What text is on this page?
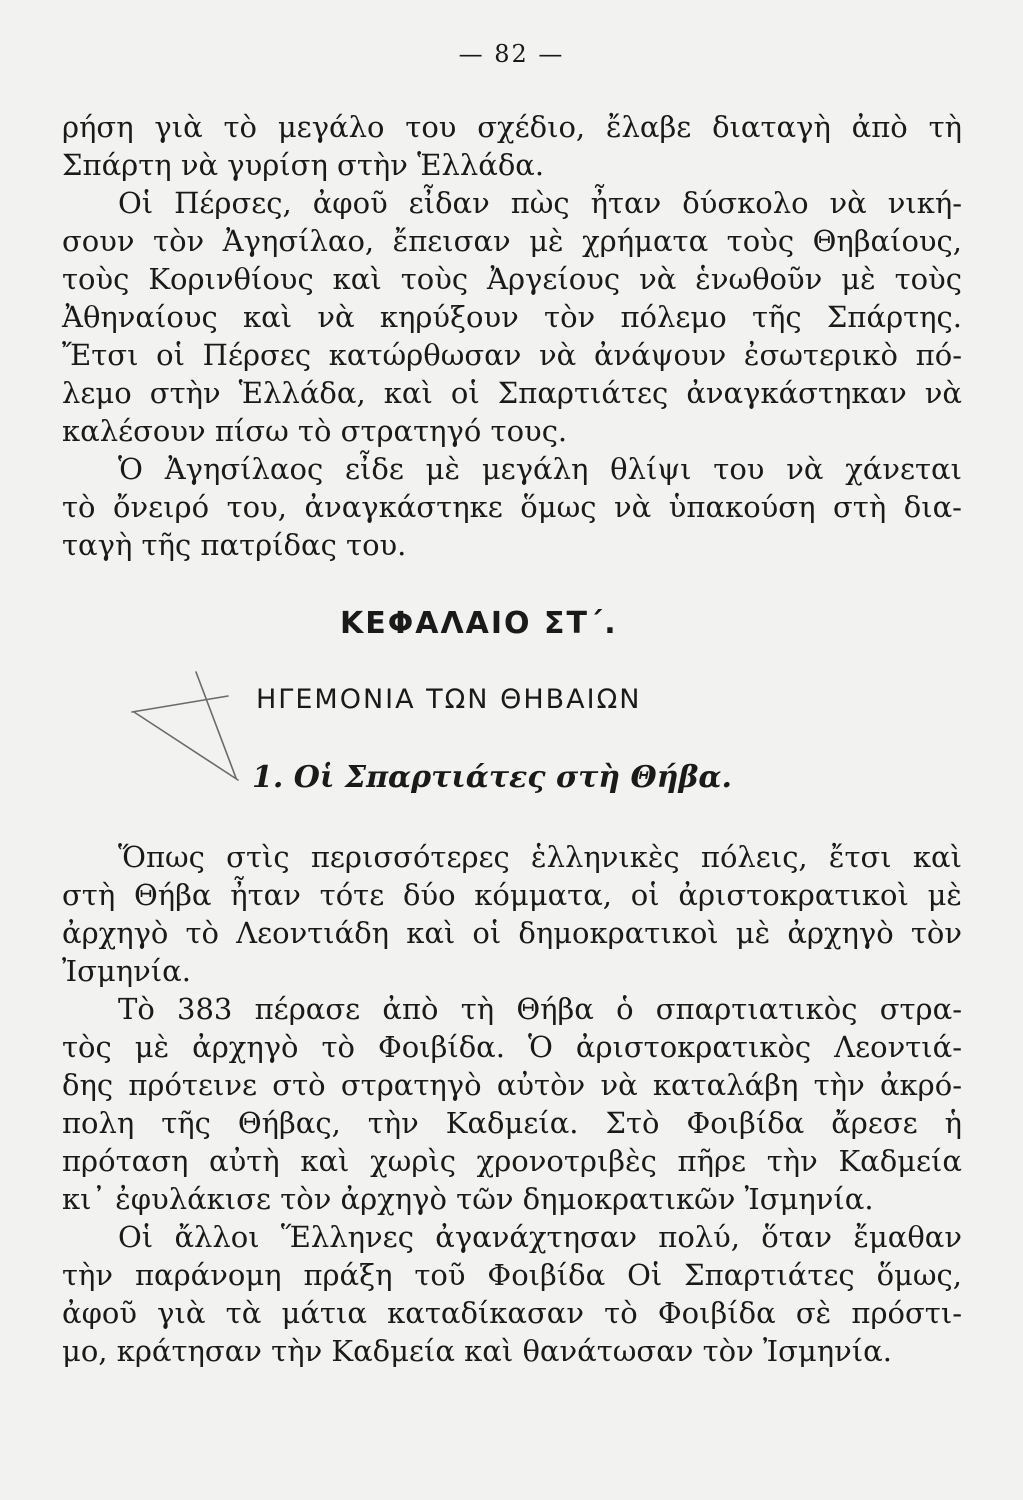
— 82 —
ρήση γιὰ τὸ μεγάλο του σχέδιο, ἔλαβε διαταγὴ ἀπὸ τὴ
Σπάρτη νὰ γυρίση στὴν Ἑλλάδα.
Οἱ Πέρσες, ἀφοῦ εἶδαν πὼς ἦταν δύσκολο νὰ νική-
σουν τὸν Ἀγησίλαο, ἔπεισαν μὲ χρήματα τοὺς Θηβαίους,
τοὺς Κορινθίους καὶ τοὺς Ἀργείους νὰ ἑνωθοῦν μὲ τοὺς
Ἀθηναίους καὶ νὰ κηρύξουν τὸν πόλεμο τῆς Σπάρτης.
Ἔτσι οἱ Πέρσες κατώρθωσαν νὰ ἀνάψουν ἐσωτερικὸ πό-
λεμο στὴν Ἑλλάδα, καὶ οἱ Σπαρτιάτες ἀναγκάστηκαν νὰ
καλέσουν πίσω τὸ στρατηγό τους.
Ὁ Ἀγησίλαος εἶδε μὲ μεγάλη θλίψι του νὰ χάνεται
τὸ ὄνειρό του, ἀναγκάστηκε ὅμως νὰ ὑπακούση στὴ δια-
ταγὴ τῆς πατρίδας του.
ΚΕΦΑΛΑΙΟ ΣΤ΄.
ΗΓΕΜΟΝΙΑ ΤΩΝ ΘΗΒΑΙΩΝ
1. Οἱ Σπαρτιάτες στὴ Θήβα.
Ὅπως στὶς περισσότερες ἑλληνικὲς πόλεις, ἔτσι καὶ
στὴ Θήβα ἦταν τότε δύο κόμματα, οἱ ἀριστοκρατικοὶ μὲ
ἀρχηγὸ τὸ Λεοντιάδη καὶ οἱ δημοκρατικοὶ μὲ ἀρχηγὸ τὸν
Ἰσμηνία.
Τὸ 383 πέρασε ἀπὸ τὴ Θήβα ὁ σπαρτιατικὸς στρα-
τὸς μὲ ἀρχηγὸ τὸ Φοιβίδα. Ὁ ἀριστοκρατικὸς Λεοντιά-
δης πρότεινε στὸ στρατηγὸ αὐτὸν νὰ καταλάβη τὴν ἀκρό-
πολη τῆς Θήβας, τὴν Καδμεία. Στὸ Φοιβίδα ἄρεσε ἡ
πρόταση αὐτὴ καὶ χωρὶς χρονοτριβὲς πῆρε τὴν Καδμεία
κι᾿ ἐφυλάκισε τὸν ἀρχηγὸ τῶν δημοκρατικῶν Ἰσμηνία.
Οἱ ἄλλοι Ἕλληνες ἀγανάχτησαν πολύ, ὅταν ἔμαθαν
τὴν παράνομη πράξη τοῦ Φοιβίδα Οἱ Σπαρτιάτες ὅμως,
ἀφοῦ γιὰ τὰ μάτια καταδίκασαν τὸ Φοιβίδα σὲ πρόστι-
μο, κράτησαν τὴν Καδμεία καὶ θανάτωσαν τὸν Ἰσμηνία.
